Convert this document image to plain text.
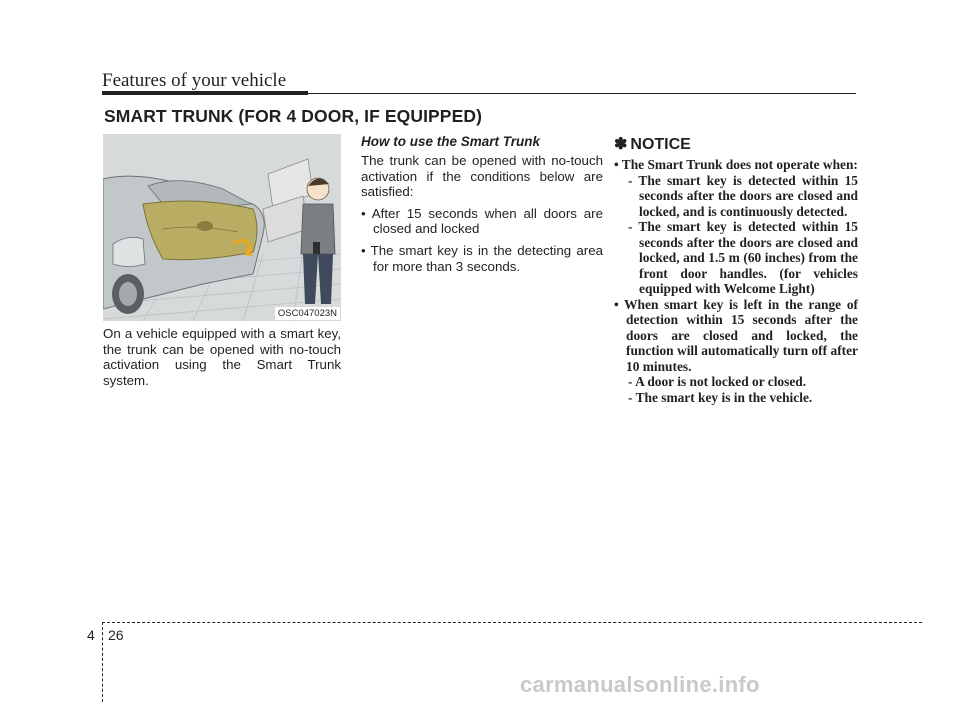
Features of your vehicle
SMART TRUNK (FOR 4 DOOR, IF EQUIPPED)
OSC047023N
On a vehicle equipped with a smart key, the trunk can be opened with no-touch activation using the Smart Trunk system.
How to use the Smart Trunk

The trunk can be opened with no-touch activation if the conditions below are satisfied:

• After 15 seconds when all doors are closed and locked
• The smart key is in the detecting area for more than 3 seconds.
✽ NOTICE
• The Smart Trunk does not operate when:
- The smart key is detected within 15 seconds after the doors are closed and locked, and is continuously detected.
- The smart key is detected within 15 seconds after the doors are closed and locked, and 1.5 m (60 inches) from the front door handles. (for vehicles equipped with Welcome Light)
• When smart key is left in the range of detection within 15 seconds after the doors are closed and locked, the function will automatically turn off after 10 minutes.
- A door is not locked or closed.
- The smart key is in the vehicle.
4 26
carmanualsonline.info
